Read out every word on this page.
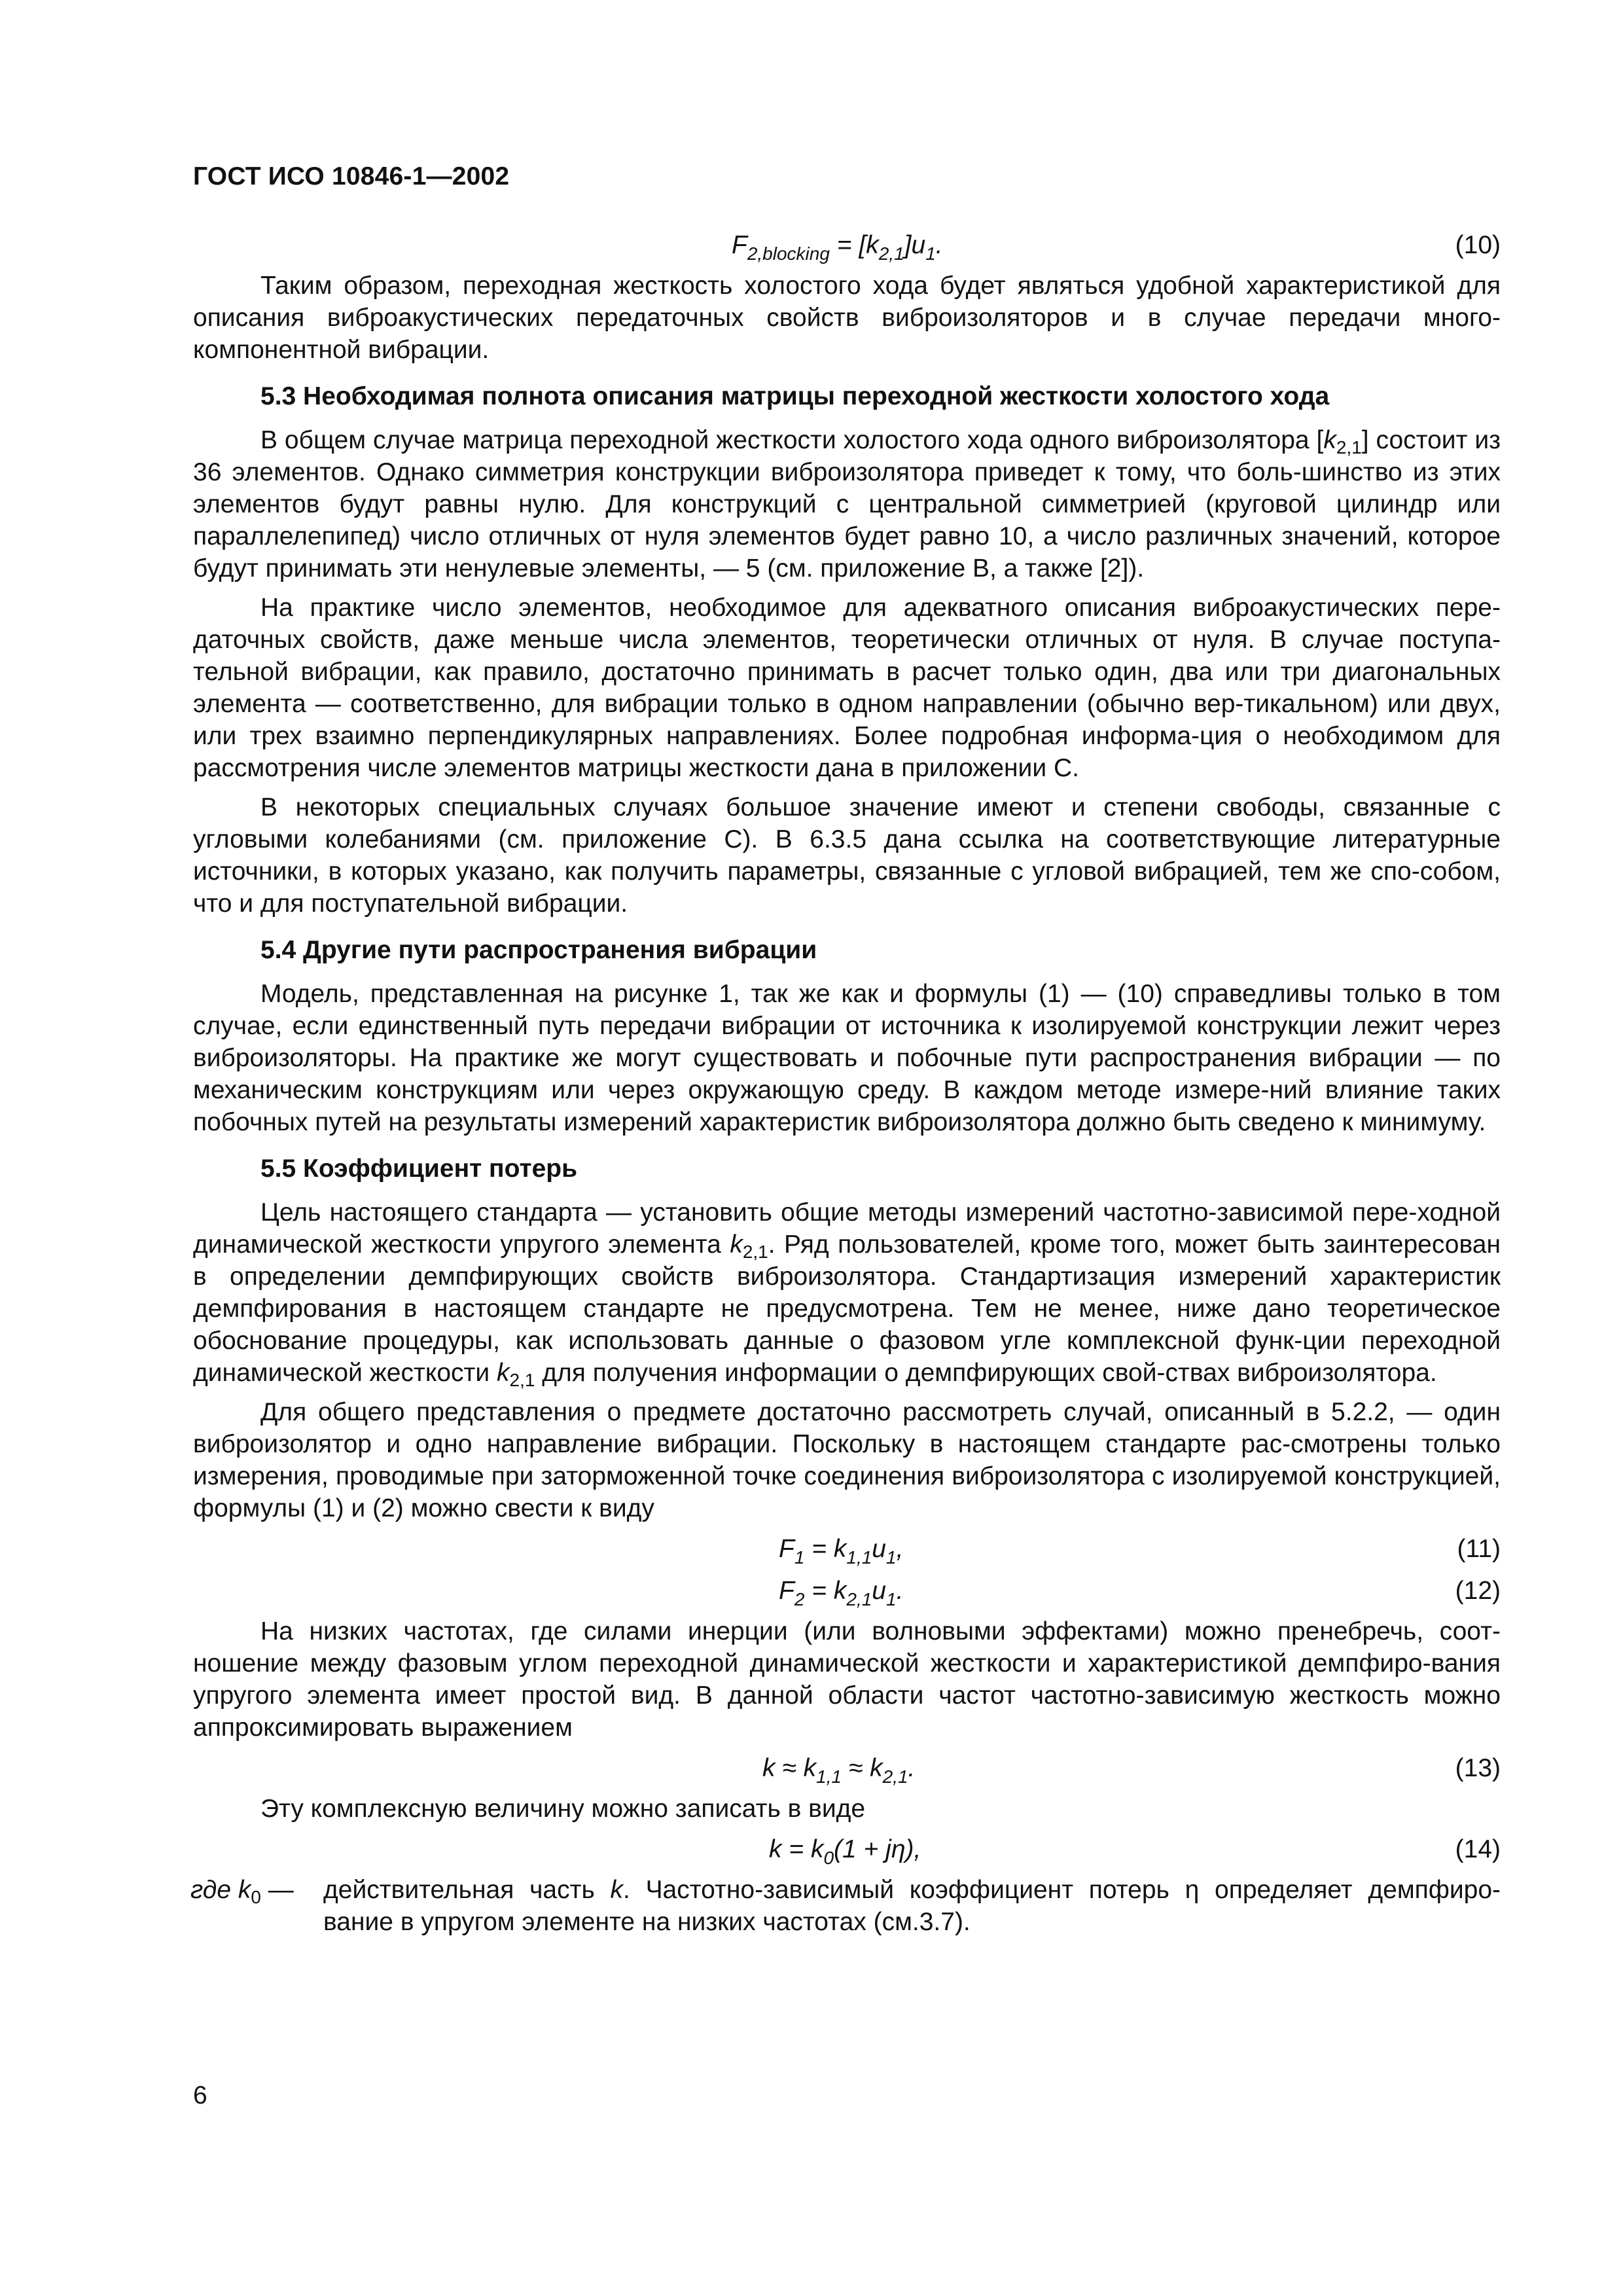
ГОСТ ИСО 10846-1—2002
$F_{2,blocking} = [k_{2,1}]u_1$.	(10)

Таким образом, переходная жесткость холостого хода будет являться удобной характеристикой для описания виброакустических передаточных свойств виброизоляторов и в случае передачи много-компонентной вибрации.

5.3 Необходимая полнота описания матрицы переходной жесткости холостого хода

В общем случае матрица переходной жесткости холостого хода одного виброизолятора $[k_{2,1}]$ состоит из 36 элементов. Однако симметрия конструкции виброизолятора приведет к тому, что боль-шинство из этих элементов будут равны нулю. Для конструкций с центральной симметрией (круговой цилиндр или параллелепипед) число отличных от нуля элементов будет равно 10, а число различных значений, которое будут принимать эти ненулевые элементы, — 5 (см. приложение В, а также [2]).

На практике число элементов, необходимое для адекватного описания виброакустических пере-даточных свойств, даже меньше числа элементов, теоретически отличных от нуля. В случае поступа-тельной вибрации, как правило, достаточно принимать в расчет только один, два или три диагональных элемента — соответственно, для вибрации только в одном направлении (обычно вер-тикальном) или двух, или трех взаимно перпендикулярных направлениях. Более подробная информа-ция о необходимом для рассмотрения числе элементов матрицы жесткости дана в приложении С.

В некоторых специальных случаях большое значение имеют и степени свободы, связанные с угловыми колебаниями (см. приложение С). В 6.3.5 дана ссылка на соответствующие литературные источники, в которых указано, как получить параметры, связанные с угловой вибрацией, тем же спо-собом, что и для поступательной вибрации.

5.4 Другие пути распространения вибрации

Модель, представленная на рисунке 1, так же как и формулы (1) — (10) справедливы только в том случае, если единственный путь передачи вибрации от источника к изолируемой конструкции лежит через виброизоляторы. На практике же могут существовать и побочные пути распространения вибрации — по механическим конструкциям или через окружающую среду. В каждом методе измере-ний влияние таких побочных путей на результаты измерений характеристик виброизолятора должно быть сведено к минимуму.

5.5 Коэффициент потерь

Цель настоящего стандарта — установить общие методы измерений частотно-зависимой пере-ходной динамической жесткости упругого элемента $k_{2,1}$. Ряд пользователей, кроме того, может быть заинтересован в определении демпфирующих свойств виброизолятора. Стандартизация измерений характеристик демпфирования в настоящем стандарте не предусмотрена. Тем не менее, ниже дано теоретическое обоснование процедуры, как использовать данные о фазовом угле комплексной функ-ции переходной динамической жесткости $k_{2,1}$ для получения информации о демпфирующих свой-ствах виброизолятора.

Для общего представления о предмете достаточно рассмотреть случай, описанный в 5.2.2, — один виброизолятор и одно направление вибрации. Поскольку в настоящем стандарте рас-смотрены только измерения, проводимые при заторможенной точке соединения виброизолятора с изолируемой конструкцией, формулы (1) и (2) можно свести к виду

$F_1 = k_{1,1}u_1$,	(11)
$F_2 = k_{2,1}u_1$.	(12)

На низких частотах, где силами инерции (или волновыми эффектами) можно пренебречь, соот-ношение между фазовым углом переходной динамической жесткости и характеристикой демпфиро-вания упругого элемента имеет простой вид. В данной области частот частотно-зависимую жесткость можно аппроксимировать выражением

$k \approx k_{1,1} \approx k_{2,1}$.	(13)

Эту комплексную величину можно записать в виде

$k = k_0(1 + j\eta)$,	(14)
где $k_0$ — действительная часть k. Частотно-зависимый коэффициент потерь η определяет демпфиро-вание в упругом элементе на низких частотах (см.3.7).
6
